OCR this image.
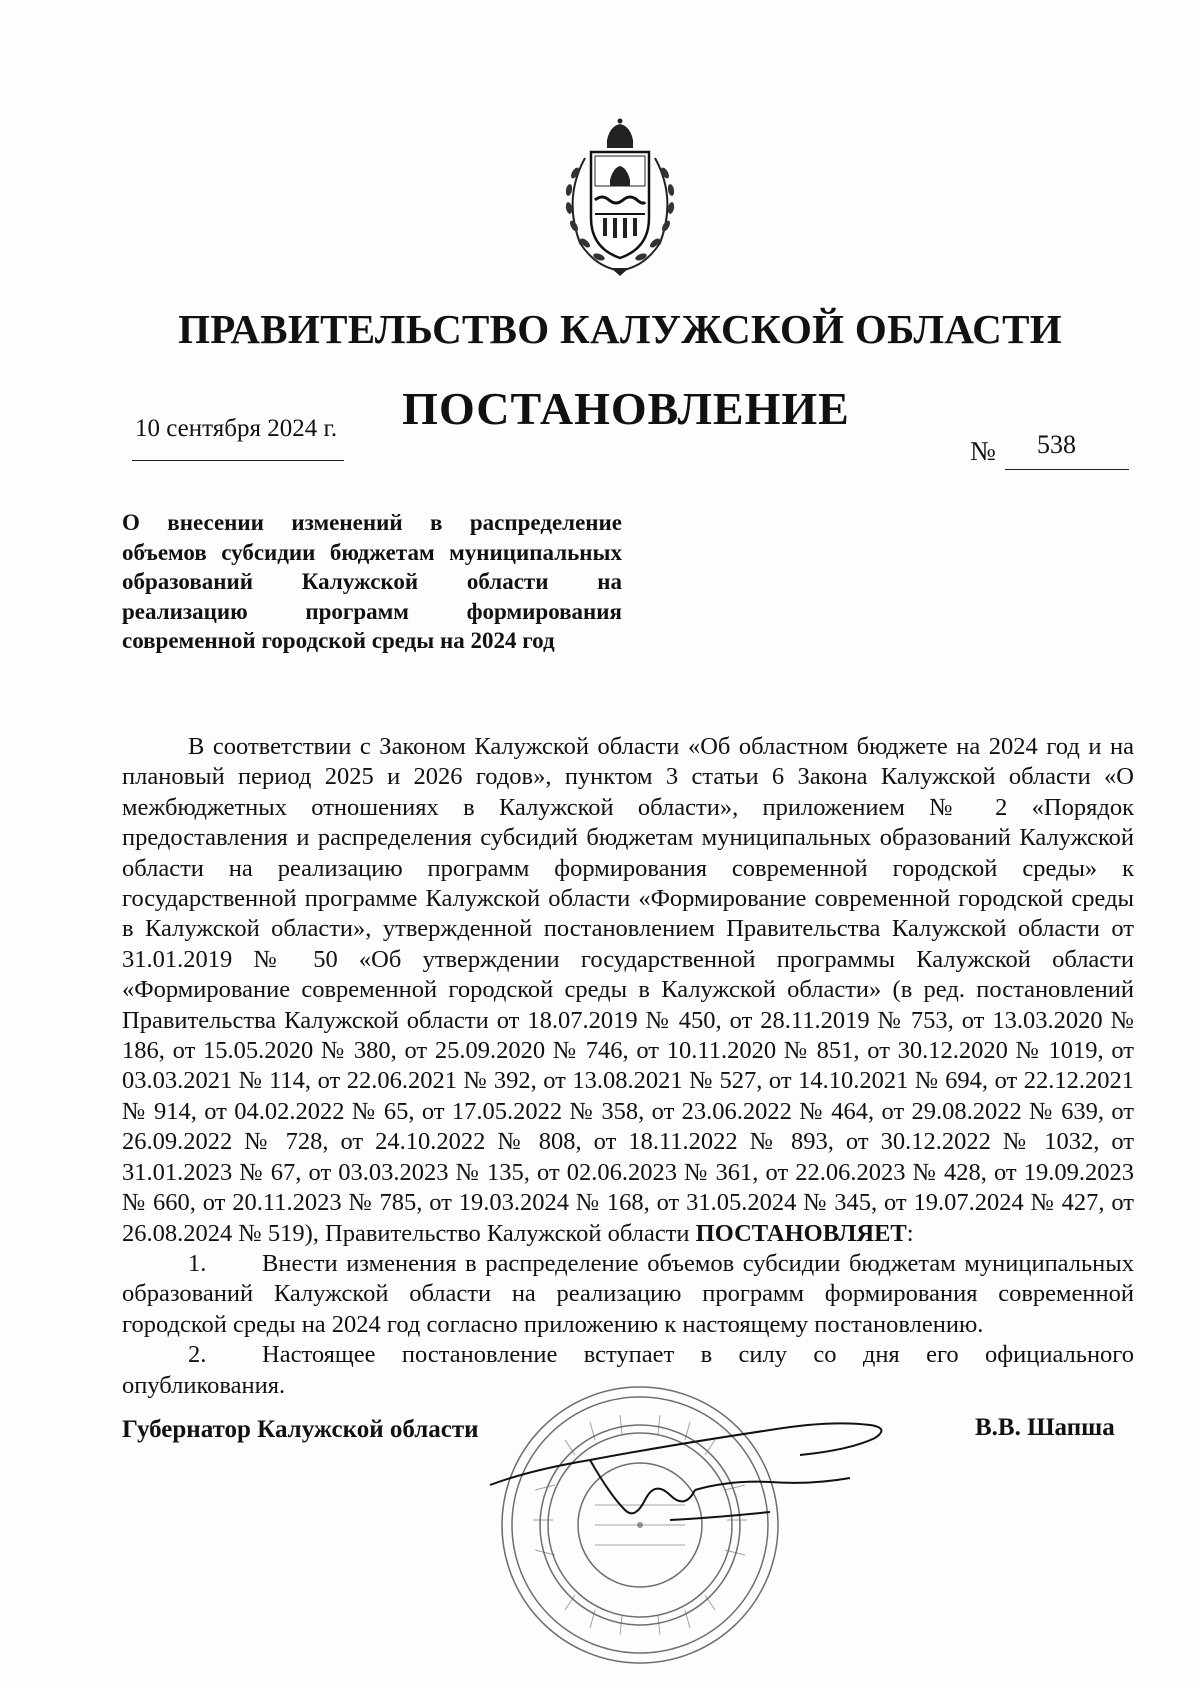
ПРАВИТЕЛЬСТВО КАЛУЖСКОЙ ОБЛАСТИ
ПОСТАНОВЛЕНИЕ
10 сентября 2024 г.
№ 538
О внесении изменений в распределение объемов субсидии бюджетам муниципальных образований Калужской области на реализацию программ формирования современной городской среды на 2024 год

В соответствии с Законом Калужской области «Об областном бюджете на 2024 год и на плановый период 2025 и 2026 годов», пунктом 3 статьи 6 Закона Калужской области «О межбюджетных отношениях в Калужской области», приложением № 2 «Порядок предоставления и распределения субсидий бюджетам муниципальных образований Калужской области на реализацию программ формирования современной городской среды» к государственной программе Калужской области «Формирование современной городской среды в Калужской области», утвержденной постановлением Правительства Калужской области от 31.01.2019 № 50 «Об утверждении государственной программы Калужской области «Формирование современной городской среды в Калужской области» (в ред. постановлений Правительства Калужской области от 18.07.2019 № 450, от 28.11.2019 № 753, от 13.03.2020 № 186, от 15.05.2020 № 380, от 25.09.2020 № 746, от 10.11.2020 № 851, от 30.12.2020 № 1019, от 03.03.2021 № 114, от 22.06.2021 № 392, от 13.08.2021 № 527, от 14.10.2021 № 694, от 22.12.2021 № 914, от 04.02.2022 № 65, от 17.05.2022 № 358, от 23.06.2022 № 464, от 29.08.2022 № 639, от 26.09.2022 № 728, от 24.10.2022 № 808, от 18.11.2022 № 893, от 30.12.2022 № 1032, от 31.01.2023 № 67, от 03.03.2023 № 135, от 02.06.2023 № 361, от 22.06.2023 № 428, от 19.09.2023 № 660, от 20.11.2023 № 785, от 19.03.2024 № 168, от 31.05.2024 № 345, от 19.07.2024 № 427, от 26.08.2024 № 519), Правительство Калужской области ПОСТАНОВЛЯЕТ:

1. Внести изменения в распределение объемов субсидии бюджетам муниципальных образований Калужской области на реализацию программ формирования современной городской среды на 2024 год согласно приложению к настоящему постановлению.

2. Настоящее постановление вступает в силу со дня его официального опубликования.

Губернатор Калужской области	В.В. Шапша
